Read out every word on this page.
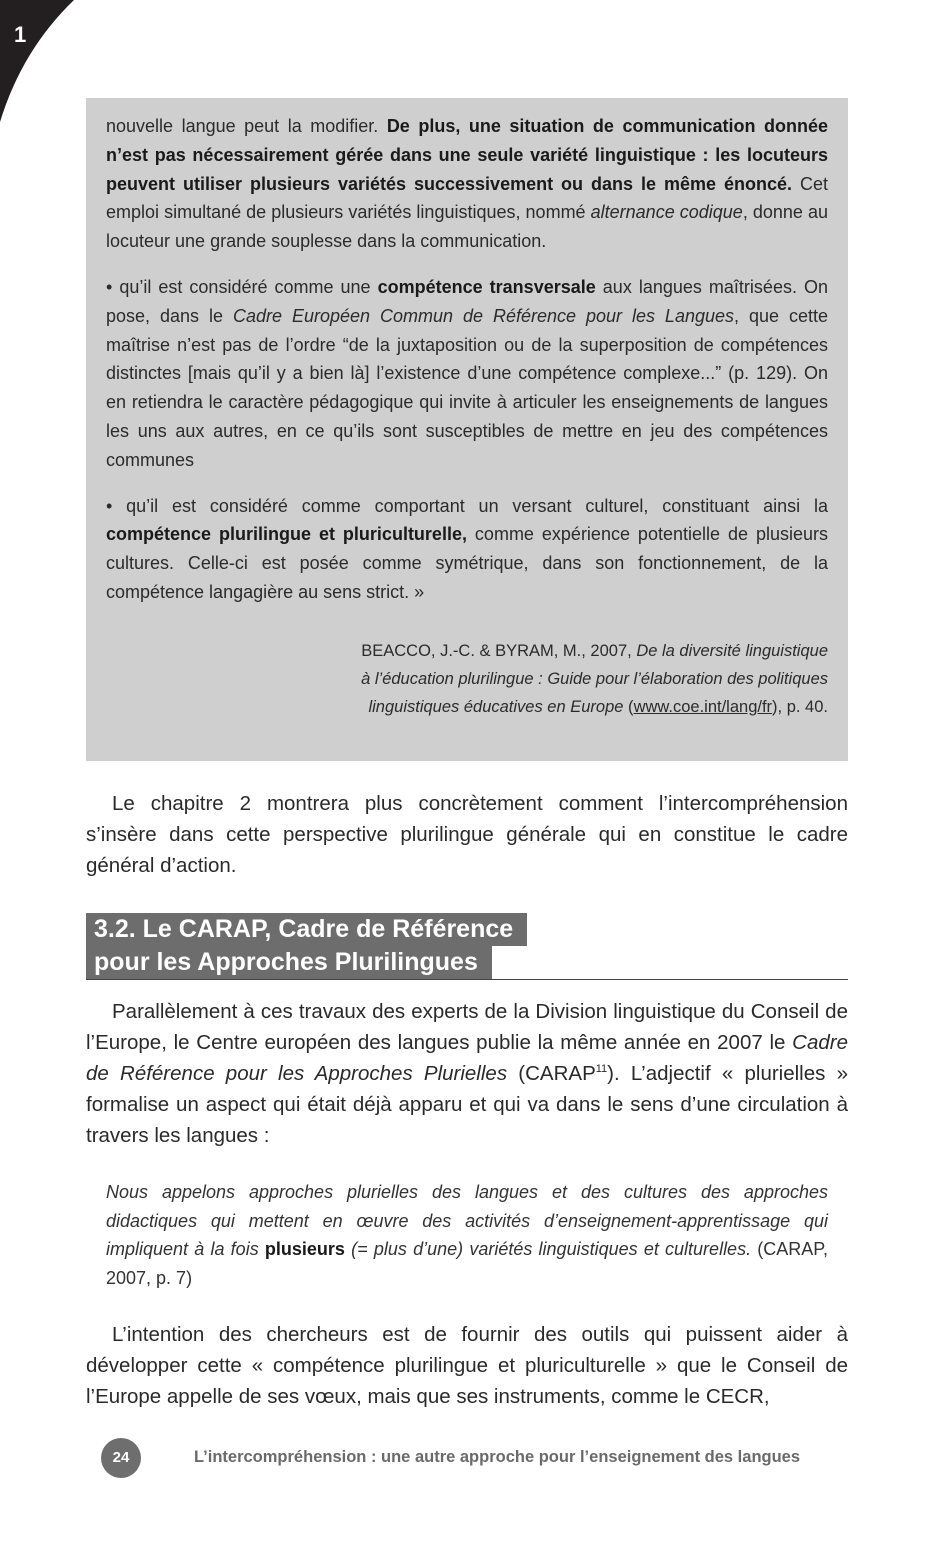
1

nouvelle langue peut la modifier. De plus, une situation de communication donnée n’est pas nécessairement gérée dans une seule variété linguistique : les locuteurs peuvent utiliser plusieurs variétés successivement ou dans le même énoncé. Cet emploi simultané de plusieurs variétés linguistiques, nommé alternance codique, donne au locuteur une grande souplesse dans la communication.

• qu’il est considéré comme une compétence transversale aux langues maîtrisées. On pose, dans le Cadre Européen Commun de Référence pour les Langues, que cette maîtrise n’est pas de l’ordre “de la juxtaposition ou de la superposition de compétences distinctes [mais qu’il y a bien là] l’existence d’une compétence complexe...” (p. 129). On en retiendra le caractère pédagogique qui invite à articuler les enseignements de langues les uns aux autres, en ce qu’ils sont susceptibles de mettre en jeu des compétences communes

• qu’il est considéré comme comportant un versant culturel, constituant ainsi la compétence plurilingue et pluriculturelle, comme expérience potentielle de plusieurs cultures. Celle-ci est posée comme symétrique, dans son fonctionnement, de la compétence langagière au sens strict. »

BEACCO, J.-C. & BYRAM, M., 2007, De la diversité linguistique
à l’éducation plurilingue : Guide pour l’élaboration des politiques
linguistiques éducatives en Europe (www.coe.int/lang/fr), p. 40.

Le chapitre 2 montrera plus concrètement comment l’intercompréhension s’insère dans cette perspective plurilingue générale qui en constitue le cadre général d’action.

3.2. Le CARAP, Cadre de Référence
pour les Approches Plurilingues

Parallèlement à ces travaux des experts de la Division linguistique du Conseil de l’Europe, le Centre européen des langues publie la même année en 2007 le Cadre de Référence pour les Approches Plurielles (CARAP$^{11}$). L’adjectif « plurielles » formalise un aspect qui était déjà apparu et qui va dans le sens d’une circulation à travers les langues :

Nous appelons approches plurielles des langues et des cultures des approches didactiques qui mettent en œuvre des activités d’enseignement-apprentissage qui impliquent à la fois plusieurs (= plus d’une) variétés linguistiques et culturelles. (CARAP, 2007, p. 7)

L’intention des chercheurs est de fournir des outils qui puissent aider à développer cette « compétence plurilingue et pluriculturelle » que le Conseil de l’Europe appelle de ses vœux, mais que ses instruments, comme le CECR,

24	L’intercompréhension : une autre approche pour l’enseignement des langues
